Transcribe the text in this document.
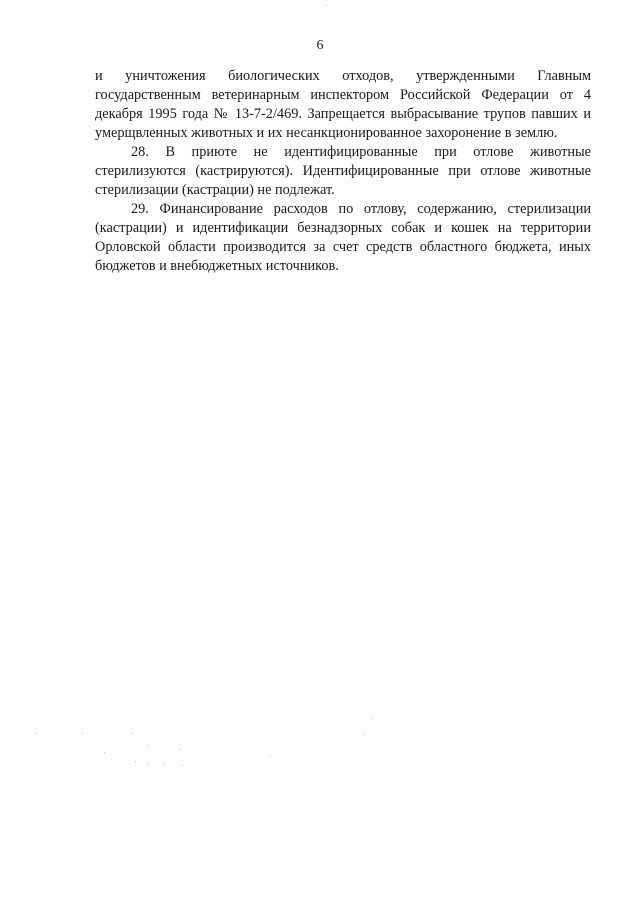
6

и уничтожения биологических отходов, утвержденными Главным государственным ветеринарным инспектором Российской Федерации от 4 декабря 1995 года № 13-7-2/469. Запрещается выбрасывание трупов павших и умерщвленных животных и их несанкционированное захоронение в землю.

28. В приюте не идентифицированные при отлове животные стерилизуются (кастрируются). Идентифицированные при отлове животные стерилизации (кастрации) не подлежат.

29. Финансирование расходов по отлову, содержанию, стерилизации (кастрации) и идентификации безнадзорных собак и кошек на территории Орловской области производится за счет средств областного бюджета, иных бюджетов и внебюджетных источников.
